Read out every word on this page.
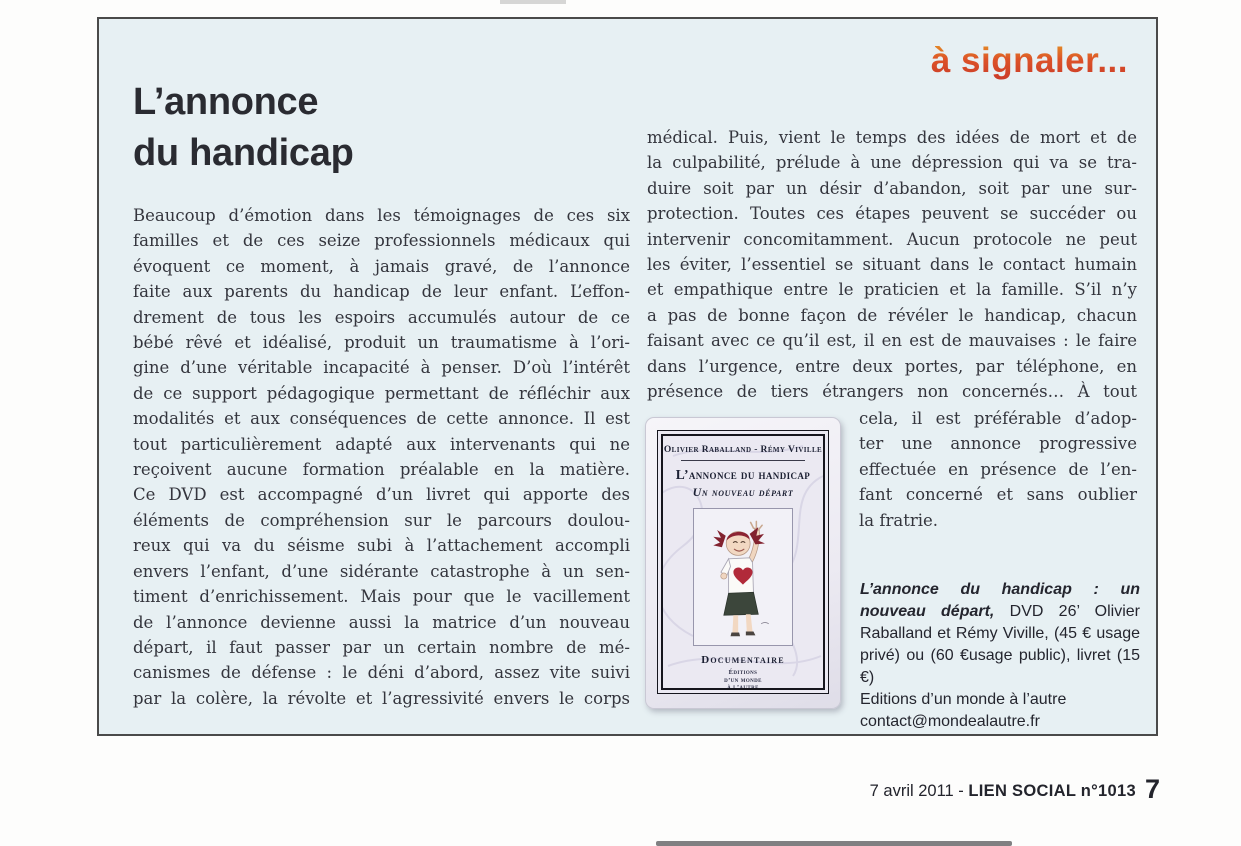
à signaler...
L’annonce
du handicap
Beaucoup d’émotion dans les témoignages de ces six
familles et de ces seize professionnels médicaux qui
évoquent ce moment, à jamais gravé, de l’annonce
faite aux parents du handicap de leur enfant. L’effon-
drement de tous les espoirs accumulés autour de ce
bébé rêvé et idéalisé, produit un traumatisme à l’ori-
gine d’une véritable incapacité à penser. D’où l’intérêt
de ce support pédagogique permettant de réfléchir aux
modalités et aux conséquences de cette annonce. Il est
tout particulièrement adapté aux intervenants qui ne
reçoivent aucune formation préalable en la matière.
Ce DVD est accompagné d’un livret qui apporte des
éléments de compréhension sur le parcours doulou-
reux qui va du séisme subi à l’attachement accompli
envers l’enfant, d’une sidérante catastrophe à un sen-
timent d’enrichissement. Mais pour que le vacillement
de l’annonce devienne aussi la matrice d’un nouveau
départ, il faut passer par un certain nombre de mé-
canismes de défense : le déni d’abord, assez vite suivi
par la colère, la révolte et l’agressivité envers le corps
médical. Puis, vient le temps des idées de mort et de
la culpabilité, prélude à une dépression qui va se tra-
duire soit par un désir d’abandon, soit par une sur-
protection. Toutes ces étapes peuvent se succéder ou
intervenir concomitamment. Aucun protocole ne peut
les éviter, l’essentiel se situant dans le contact humain
et empathique entre le praticien et la famille. S’il n’y
a pas de bonne façon de révéler le handicap, chacun
faisant avec ce qu’il est, il en est de mauvaises : le faire
dans l’urgence, entre deux portes, par téléphone, en
présence de tiers étrangers non concernés… À tout
cela, il est préférable d’adop-
ter une annonce progressive
effectuée en présence de l’en-
fant concerné et sans oublier
la fratrie.
Olivier Raballand - Rémy Viville
L’annonce du handicap
Un nouveau départ
Documentaire
Éditions
d’un monde
à l’autre
L’annonce du handicap : un nouveau départ, DVD 26’ Olivier Raballand et Rémy Viville, (45 € usage privé) ou (60 €usage public), livret (15 €)
Editions d’un monde à l’autre
contact@mondealautre.fr
7 avril 2011 - LIEN SOCIAL n°1013 7
